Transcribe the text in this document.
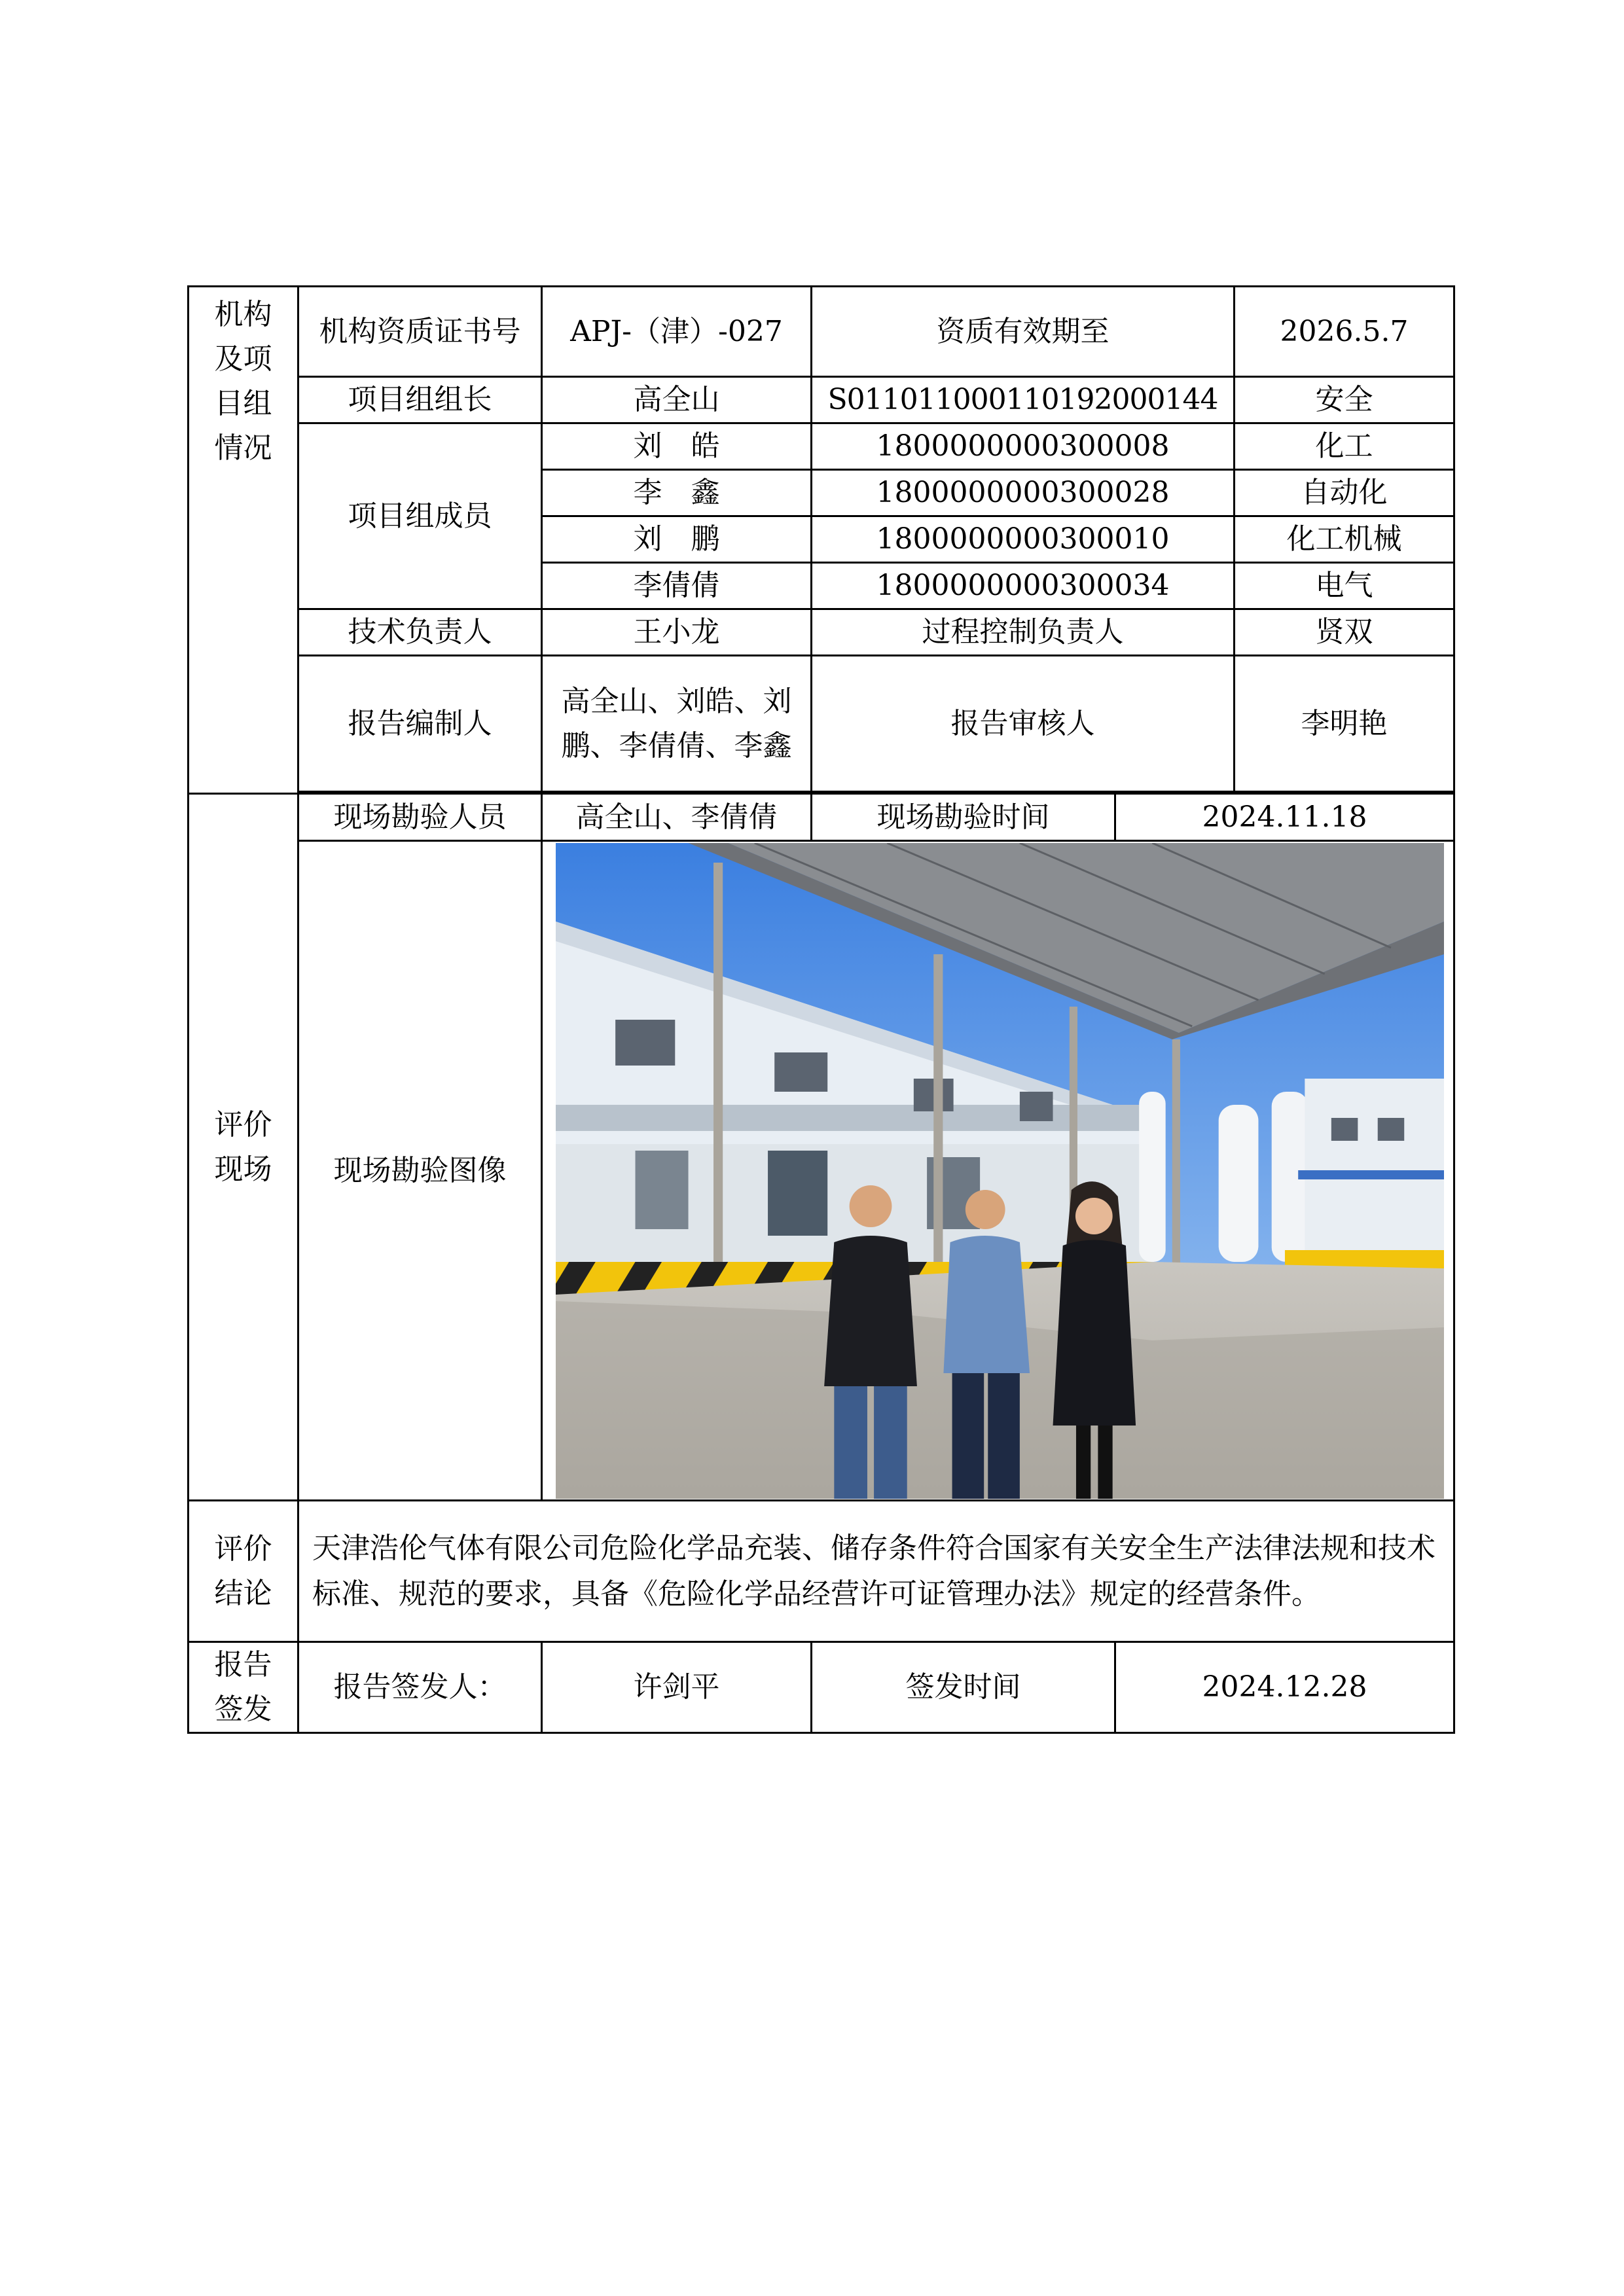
机构及项目组情况	机构资质证书号	APJ-（津）-027	资质有效期至		2026.5.7
	项目组组长	高全山	S011011000110192000144		安全
	项目组成员	刘　皓	1800000000300008		化工
		李　鑫	1800000000300028		自动化
		刘　鹏	1800000000300010		化工机械
		李倩倩	1800000000300034		电气
	技术负责人	王小龙	过程控制负责人		贤双
	报告编制人	高全山、刘皓、刘鹏、李倩倩、李鑫	报告审核人		李明艳

评价现场	现场勘验人员	高全山、李倩倩	现场勘验时间	2024.11.18	
	现场勘验图像	

评价结论	天津浩伦气体有限公司危险化学品充装、储存条件符合国家有关安全生产法律法规和技术标准、规范的要求，具备《危险化学品经营许可证管理办法》规定的经营条件。				
报告签发	报告签发人：	许剑平	签发时间	2024.12.28	
